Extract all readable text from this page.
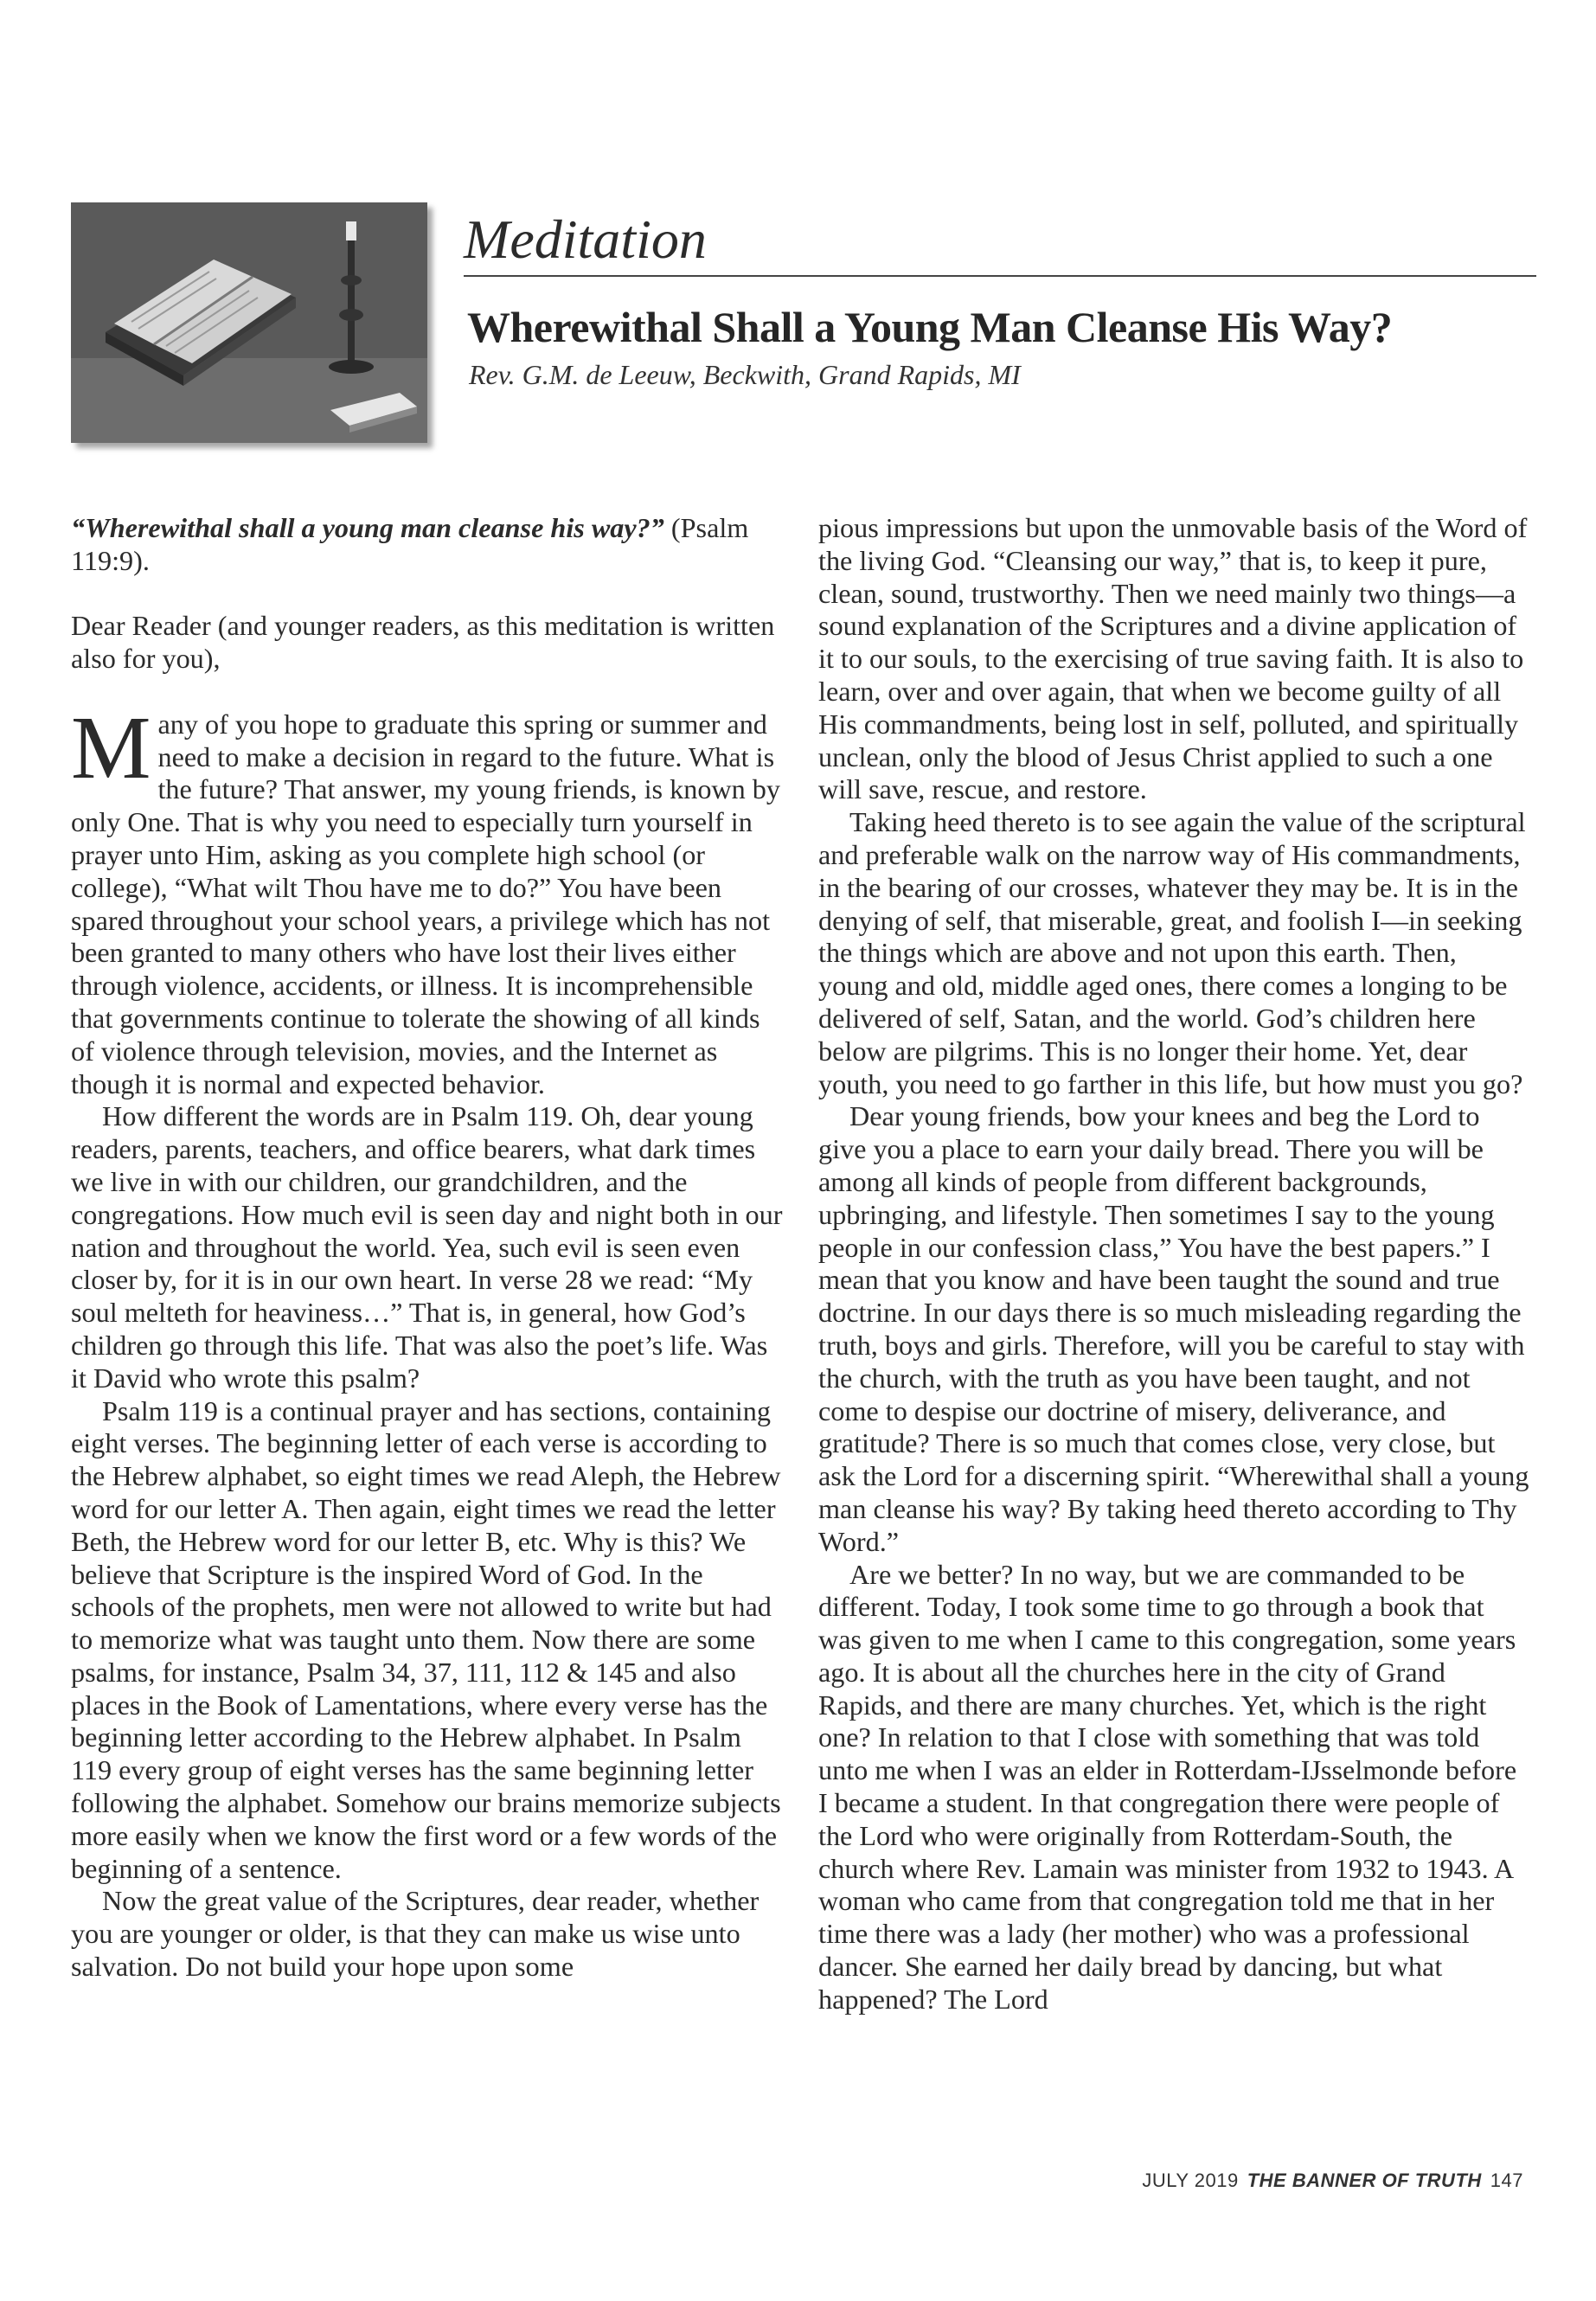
Meditation
Wherewithal Shall a Young Man Cleanse His Way?
Rev. G.M. de Leeuw, Beckwith, Grand Rapids, MI

“Wherewithal shall a young man cleanse his way?” (Psalm 119:9).

Dear Reader (and younger readers, as this meditation is written also for you),

Many of you hope to graduate this spring or summer and need to make a decision in regard to the future. What is the future? That answer, my young friends, is known by only One. That is why you need to especially turn yourself in prayer unto Him, asking as you complete high school (or college), “What wilt Thou have me to do?” You have been spared throughout your school years, a privilege which has not been granted to many others who have lost their lives either through violence, accidents, or illness. It is incomprehensible that governments continue to tolerate the showing of all kinds of violence through television, movies, and the Internet as though it is normal and expected behavior.

How different the words are in Psalm 119. Oh, dear young readers, parents, teachers, and office bearers, what dark times we live in with our children, our grandchildren, and the congregations. How much evil is seen day and night both in our nation and throughout the world. Yea, such evil is seen even closer by, for it is in our own heart. In verse 28 we read: “My soul melteth for heaviness…” That is, in general, how God’s children go through this life. That was also the poet’s life. Was it David who wrote this psalm?

Psalm 119 is a continual prayer and has sections, containing eight verses. The beginning letter of each verse is according to the Hebrew alphabet, so eight times we read Aleph, the Hebrew word for our letter A. Then again, eight times we read the letter Beth, the Hebrew word for our letter B, etc. Why is this? We believe that Scripture is the inspired Word of God. In the schools of the prophets, men were not allowed to write but had to memorize what was taught unto them. Now there are some psalms, for instance, Psalm 34, 37, 111, 112 & 145 and also places in the Book of Lamentations, where every verse has the beginning letter according to the Hebrew alphabet. In Psalm 119 every group of eight verses has the same beginning letter following the alphabet. Somehow our brains memorize subjects more easily when we know the first word or a few words of the beginning of a sentence.

Now the great value of the Scriptures, dear reader, whether you are younger or older, is that they can make us wise unto salvation. Do not build your hope upon some

pious impressions but upon the unmovable basis of the Word of the living God. “Cleansing our way,” that is, to keep it pure, clean, sound, trustworthy. Then we need mainly two things—a sound explanation of the Scriptures and a divine application of it to our souls, to the exercising of true saving faith. It is also to learn, over and over again, that when we become guilty of all His commandments, being lost in self, polluted, and spiritually unclean, only the blood of Jesus Christ applied to such a one will save, rescue, and restore.

Taking heed thereto is to see again the value of the scriptural and preferable walk on the narrow way of His commandments, in the bearing of our crosses, whatever they may be. It is in the denying of self, that miserable, great, and foolish I—in seeking the things which are above and not upon this earth. Then, young and old, middle aged ones, there comes a longing to be delivered of self, Satan, and the world. God’s children here below are pilgrims. This is no longer their home. Yet, dear youth, you need to go farther in this life, but how must you go?

Dear young friends, bow your knees and beg the Lord to give you a place to earn your daily bread. There you will be among all kinds of people from different backgrounds, upbringing, and lifestyle. Then sometimes I say to the young people in our confession class,” You have the best papers.” I mean that you know and have been taught the sound and true doctrine. In our days there is so much misleading regarding the truth, boys and girls. Therefore, will you be careful to stay with the church, with the truth as you have been taught, and not come to despise our doctrine of misery, deliverance, and gratitude? There is so much that comes close, very close, but ask the Lord for a discerning spirit. “Wherewithal shall a young man cleanse his way? By taking heed thereto according to Thy Word.”

Are we better? In no way, but we are commanded to be different. Today, I took some time to go through a book that was given to me when I came to this congregation, some years ago. It is about all the churches here in the city of Grand Rapids, and there are many churches. Yet, which is the right one? In relation to that I close with something that was told unto me when I was an elder in Rotterdam-IJsselmonde before I became a student. In that congregation there were people of the Lord who were originally from Rotterdam-South, the church where Rev. Lamain was minister from 1932 to 1943. A woman who came from that congregation told me that in her time there was a lady (her mother) who was a professional dancer. She earned her daily bread by dancing, but what happened? The Lord

JULY 2019 THE BANNER OF TRUTH 147
